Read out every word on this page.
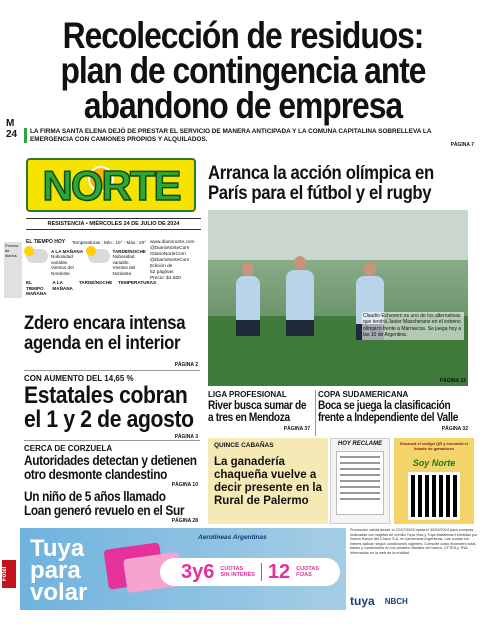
Recolección de residuos:
plan de contingencia ante
abandono de empresa
M
24 LA FIRMA SANTA ELENA DEJÓ DE PRESTAR EL SERVICIO DE MANERA ANTICIPADA Y LA COMUNA CAPITALINA SOBRELLEVA LA EMERGENCIA CON CAMIONES PROPIOS Y ALQUILADOS.
PÁGINA 7
NORTE
RESISTENCIA • MIÉRCOLES 24 DE JULIO DE 2024
Precios de diarios
EL TIEMPO HOY Temperaturas : Mín.: 15° - Máx.: 20°
A LA MAÑANA
Nubosidad variable. Vientos del Nordeste.
TARDE/NOCHE
Nubosidad variable. Vientos del Nordeste.
EL TIEMPO MAÑANA
A LA MAÑANA
TARDE/NOCHE TEMPERATURAS
www.diarionorte.com
@DiarioNorteCom
/DiarioNorteCom
@DiarioNorteCom
Edición de
52 páginas
Precio: $1.500
Zdero encara intensa
agenda en el interior
PÁGINA 2
CON AUMENTO DEL 14,65 %
Estatales cobran
el 1 y 2 de agosto
PÁGINA 3
CERCA DE CORZUELA
Autoridades detectan y detienen
otro desmonte clandestino
PÁGINA 10
Un niño de 5 años llamado
Loan generó revuelo en el Sur
PÁGINA 28
Arranca la acción olímpica en
París para el fútbol y el rugby
Claudio Echeverri es uno de los alternativas que tendrá Javier Mascherano en el estreno olímpico frente a Marruecos. Se juega hoy a las 10 de Argentina.
PÁGINA 32
LIGA PROFESIONAL
River busca sumar de
a tres en Mendoza
PÁGINA 37
COPA SUDAMERICANA
Boca se juega la clasificación
frente a Independiente del Valle
PÁGINA 32
QUINCE CABAÑAS
La ganadería
chaqueña vuelve a
decir presente en la
Rural de Palermo
HOY RECLAME	Escaneá el código QR y encontrá el listado de ganadores
Soy Norte
Fotel
Tuya
para
volar
Aerolíneas Argentinas
3y6 CUOTAS
SIN INTERÉS 12 CUOTAS
FIJAS
Promoción válida desde el 22/07/2024 hasta el 30/09/2024 para compras realizadas con tarjetas de crédito Tuya Visa y Tuya Mastercard emitidas por Nuevo Banco del Chaco S.A. en Aerolíneas Argentinas. Las cuotas sin interés aplican según condiciones vigentes. Consulte costo financiero total, bases y condiciones en los canales oficiales del banco. CFTEA y TNA informados en la web de la entidad.
tuya NBCH
